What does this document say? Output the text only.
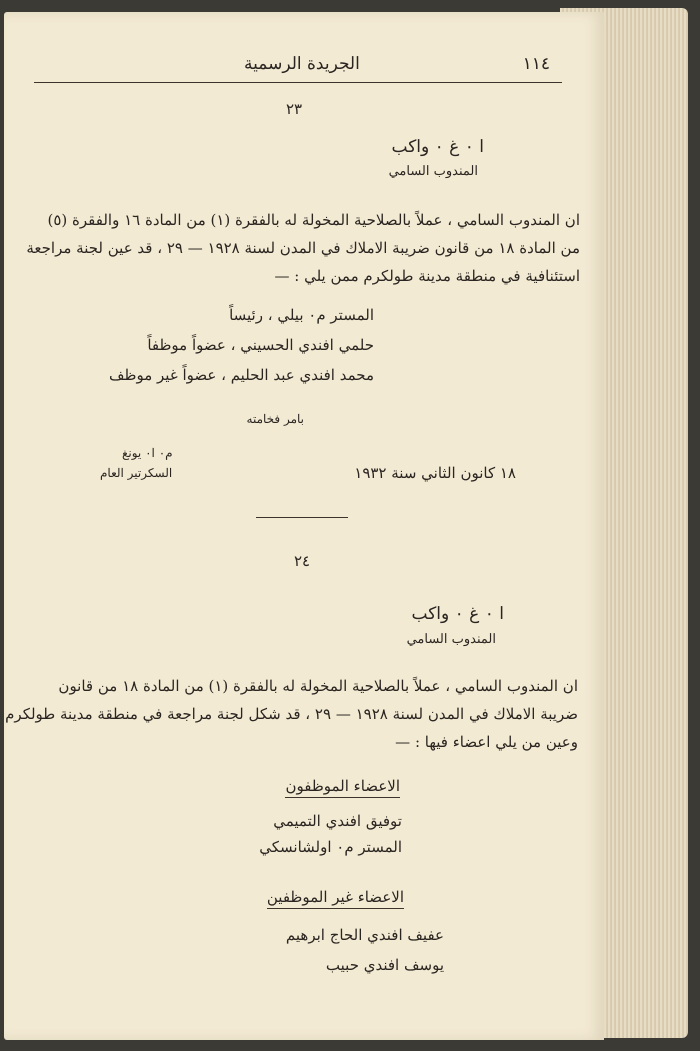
١١٤
الجريدة الرسمية
٢٣
ا ٠ غ ٠ واكب
المندوب السامي
ان المندوب السامي ، عملاً بالصلاحية المخولة له بالفقرة (١) من المادة ١٦ والفقرة (٥)
من المادة ١٨ من قانون ضريبة الاملاك في المدن لسنة ١٩٢٨ — ٢٩ ، قد عين لجنة مراجعة
استئنافية في منطقة مدينة طولكرم ممن يلي : —
المستر م٠ بيلي ، رئيساً
حلمي افندي الحسيني ، عضواً موظفاً
محمد افندي عبد الحليم ، عضواً غير موظف
بامر فخامته
م٠ ا٠ يونغ
السكرتير العام	١٨ كانون الثاني سنة ١٩٣٢
٢٤
ا ٠ غ ٠ واكب
المندوب السامي
ان المندوب السامي ، عملاً بالصلاحية المخولة له بالفقرة (١) من المادة ١٨ من قانون
ضريبة الاملاك في المدن لسنة ١٩٢٨ — ٢٩ ، قد شكل لجنة مراجعة في منطقة مدينة طولكرم
وعين من يلي اعضاء فيها : —
الاعضاء الموظفون
توفيق افندي التميمي
المستر م٠ اولشانسكي
الاعضاء غير الموظفين
عفيف افندي الحاج ابرهيم
يوسف افندي حبيب
